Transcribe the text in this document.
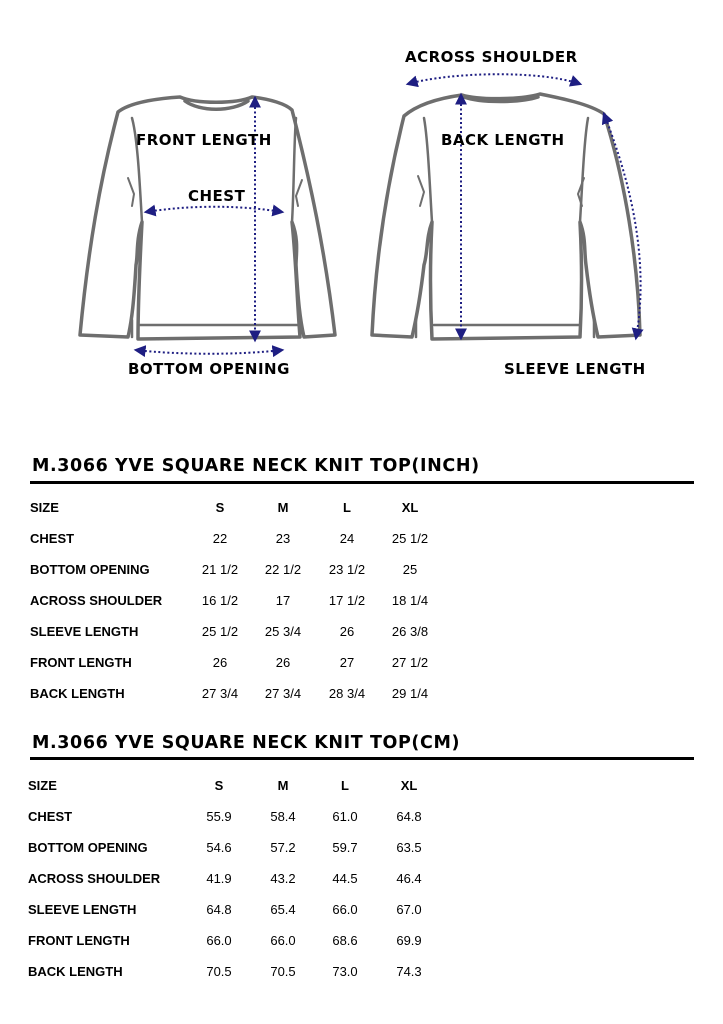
FRONT LENGTH
CHEST
BOTTOM OPENING
ACROSS SHOULDER
BACK LENGTH
SLEEVE LENGTH
M.3066 YVE SQUARE NECK KNIT TOP(INCH)
SIZE	S	M	L	XL
CHEST	22	23	24	25 1/2
BOTTOM OPENING	21 1/2	22 1/2	23 1/2	25
ACROSS SHOULDER	16 1/2	17	17 1/2	18 1/4
SLEEVE LENGTH	25 1/2	25 3/4	26	26 3/8
FRONT LENGTH	26	26	27	27 1/2
BACK LENGTH	27 3/4	27 3/4	28 3/4	29 1/4
M.3066 YVE SQUARE NECK KNIT TOP(CM)
SIZE	S	M	L	XL
CHEST	55.9	58.4	61.0	64.8
BOTTOM OPENING	54.6	57.2	59.7	63.5
ACROSS SHOULDER	41.9	43.2	44.5	46.4
SLEEVE LENGTH	64.8	65.4	66.0	67.0
FRONT LENGTH	66.0	66.0	68.6	69.9
BACK LENGTH	70.5	70.5	73.0	74.3
